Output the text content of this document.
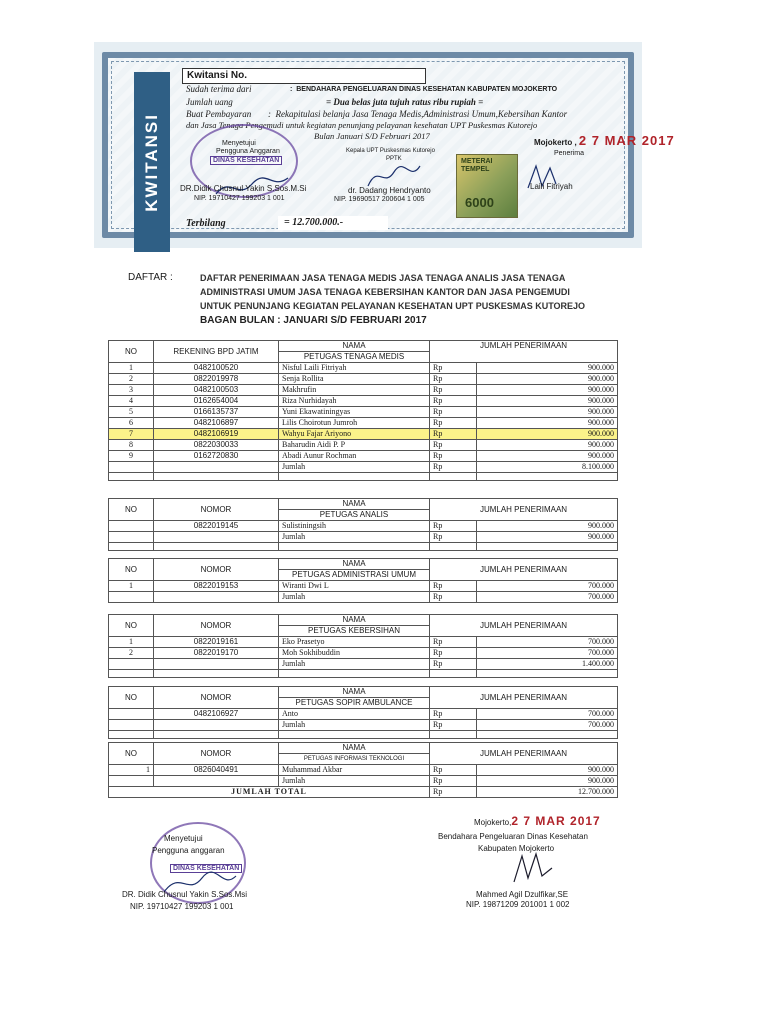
KWITANSI
Kwitansi No.
Sudah terima dari	:  BENDAHARA PENGELUARAN DINAS KESEHATAN KABUPATEN MOJOKERTO
Jumlah uang	= Dua belas juta tujuh ratus ribu rupiah =
Buat Pembayaran :  Rekapitulasi belanja Jasa Tenaga Medis,Administrasi Umum,Kebersihan Kantor
dan Jasa Tenaga Pengemudi untuk kegiatan penunjang pelayanan kesehatan UPT Puskesmas Kutorejo
Bulan Januari S/D Februari 2017
Mojokerto , 2 7 MAR 2017
Menyetujui
Pengguna Anggaran
DINAS KESEHATAN
Kepala UPT Puskesmas Kutorejo
PPTK
Penerima
METERAI TEMPEL
6000
DR.Didik Chusnul Yakin S.Sos.M.Si
NIP. 19710427 199203 1 001
dr. Dadang Hendryanto
NIP. 19690517 200604 1 005
Laili Fitriyah
Terbilang	= 12.700.000.-
DAFTAR :	DAFTAR PENERIMAAN JASA TENAGA MEDIS JASA TENAGA ANALIS JASA TENAGA
ADMINISTRASI UMUM JASA TENAGA KEBERSIHAN KANTOR DAN JASA PENGEMUDI
UNTUK PENUNJANG KEGIATAN PELAYANAN KESEHATAN UPT PUSKESMAS KUTOREJO
BAGAN BULAN : JANUARI S/D FEBRUARI 2017
NO	REKENING BPD JATIM	NAMA	JUMLAH PENERIMAAN	
		PETUGAS TENAGA MEDIS		
1	0482100520	Nisful Laili Fitriyah	Rp	900.000
2	0822019978	Senja Rollita	Rp	900.000
3	0482100503	Makhrufin	Rp	900.000
4	0162654004	Riza Nurhidayah	Rp	900.000
5	0166135737	Yuni Ekawatiningyas	Rp	900.000
6	0482106897	Lilis Choirotun Jumroh	Rp	900.000
7	0482106919	Wahyu Fajar Ariyono	Rp	900.000
8	0822030033	Baharudin Aidi P. P	Rp	900.000
9	0162720830	Abadi Aunur Rochman	Rp	900.000
		Jumlah	Rp	8.100.000

NO	NOMOR	NAMA	JUMLAH PENERIMAAN	
		PETUGAS ANALIS		
	0822019145	Sulistiningsih	Rp	900.000
		Jumlah	Rp	900.000

NO	NOMOR	NAMA	JUMLAH PENERIMAAN	
		PETUGAS ADMINISTRASI UMUM		
1	0822019153	Wiranti Dwi L	Rp	700.000
		Jumlah	Rp	700.000
NO	NOMOR	NAMA	JUMLAH PENERIMAAN	
		PETUGAS KEBERSIHAN		
1	0822019161	Eko Prasetyo	Rp	700.000
2	0822019170	Moh Sokhibuddin	Rp	700.000
		Jumlah	Rp	1.400.000

NO	NOMOR	NAMA	JUMLAH PENERIMAAN	
		PETUGAS SOPIR AMBULANCE		
	0482106927	Anto	Rp	700.000
		Jumlah	Rp	700.000

NO	NOMOR	NAMA	JUMLAH PENERIMAAN	
		PETUGAS INFORMASI TEKNOLOGI		
1	0826040491	Muhammad Akbar	Rp	900.000
		Jumlah	Rp	900.000
JUMLAH TOTAL			Rp	12.700.000
Mojokerto,2 7 MAR 2017
Bendahara Pengeluaran Dinas Kesehatan
Kabupaten Mojokerto
Mahmed Agil Dzulfikar,SE
NIP. 19871209 201001 1 002
Menyetujui
Pengguna anggaran
DINAS KESEHATAN
DR. Didik Chusnul Yakin S.Sos.Msi
NIP. 19710427 199203 1 001
